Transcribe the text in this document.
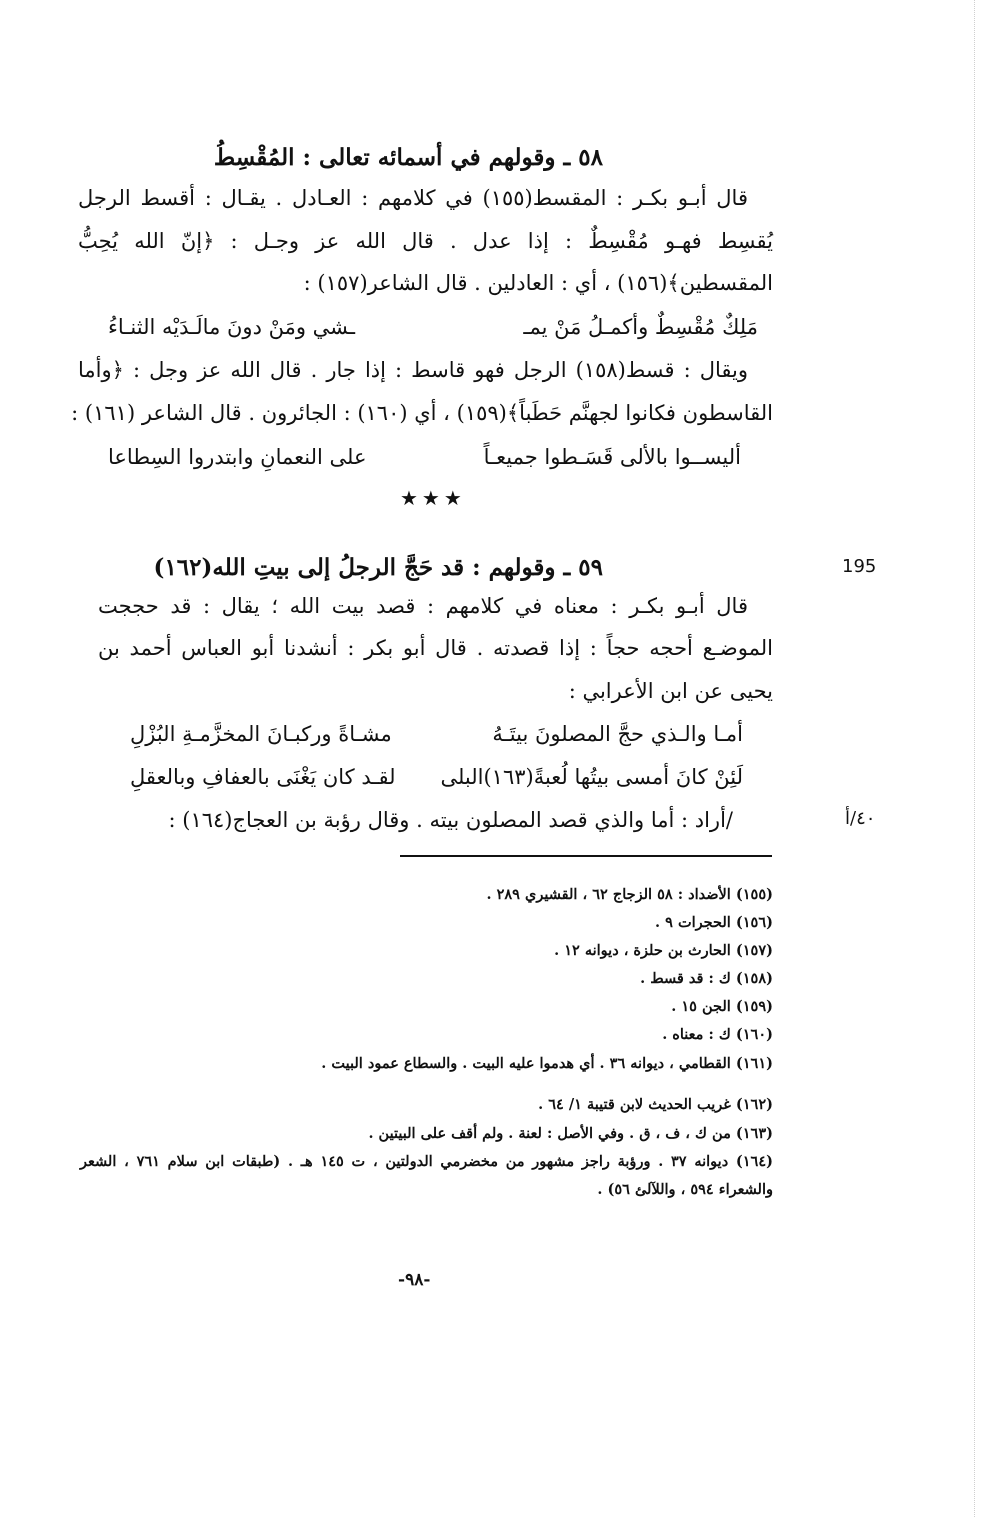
٥٨ ـ وقولهم في أسمائه تعالى : المُقْسِطُ
قال أبـو بكـر : المقسط(١٥٥) في كلامهم : العـادل . يقـال : أقسط الرجل
يُقسِط فهـو مُقْسِطٌ : إذا عدل . قال الله عز وجـل : ﴿إنّ الله يُحِبُّ
المقسطين﴾(١٥٦) ، أي : العادلين . قال الشاعر(١٥٧) :
مَلِكٌ مُقْسِطٌ وأكمـلُ مَنْ يمـ
ـشي ومَنْ دونَ مالَـدَيْه الثنـاءُ
ويقال : قسط(١٥٨) الرجل فهو قاسط : إذا جار . قال الله عز وجل : ﴿وأما
القاسطون فكانوا لجهنَّم حَطَباً﴾(١٥٩) ، أي (١٦٠) : الجائرون . قال الشاعر (١٦١) :
أليســوا بالألى قَسَـطوا جميعـاً
على النعمانِ وابتدروا السِطاعا
★★★
٥٩ ـ وقولهم : قد حَجَّ الرجلُ إلى بيتِ الله(١٦٢)	195
قال أبـو بكـر : معناه في كلامهم : قصد بيت الله ؛ يقال : قد حججت
الموضـع أحجه حجاً : إذا قصدته . قال أبو بكر : أنشدنا أبو العباس أحمد بن
يحيى عن ابن الأعرابي :
أمـا والـذي حجَّ المصلونَ بيتَـهُ
مشـاةً وركبـانَ المخزَّمـةِ البُزْلِ
لَئِنْ كانَ أمسى بيتُها لُعبةً(١٦٣)البلى
لقـد كان يَغْنَى بالعفافِ وبالعقلِ
/أراد : أما والذي قصد المصلون بيته . وقال رؤبة بن العجاج(١٦٤) :	٤٠/أ
(١٥٥) الأضداد : ٥٨ الزجاج ٦٢ ، القشيري ٢٨٩ .
(١٥٦) الحجرات ٩ .
(١٥٧) الحارث بن حلزة ، ديوانه ١٢ .
(١٥٨) ك : قد قسط .
(١٥٩) الجن ١٥ .
(١٦٠) ك : معناه .
(١٦١) القطامي ، ديوانه ٣٦ . أي هدموا عليه البيت . والسطاع عمود البيت .
(١٦٢) غريب الحديث لابن قتيبة ١/ ٦٤ .
(١٦٣) من ك ، ف ، ق . وفي الأصل : لعنة . ولم أقف على البيتين .
(١٦٤) ديوانه ٣٧ . ورؤبة راجز مشهور من مخضرمي الدولتين ، ت ١٤٥ هـ . (طبقات ابن سلام ٧٦١ ، الشعر
والشعراء ٥٩٤ ، واللآلئ ٥٦) .
-٩٨-
